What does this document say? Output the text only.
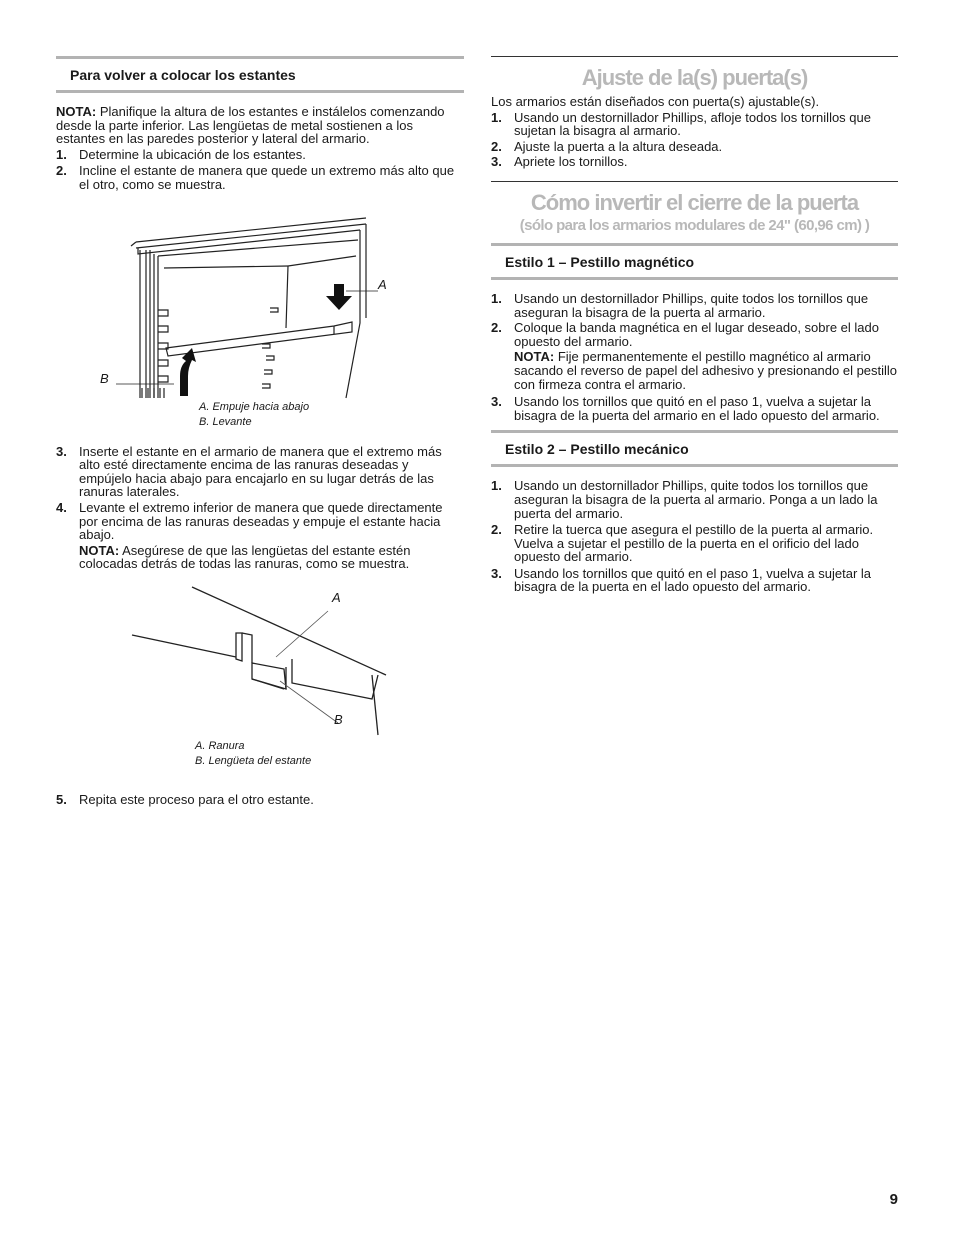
Para volver a colocar los estantes
NOTA: Planifique la altura de los estantes e instálelos comenzando desde la parte inferior. Las lengüetas de metal sostienen a los estantes en las paredes posterior y lateral del armario.
1. Determine la ubicación de los estantes.
2. Incline el estante de manera que quede un extremo más alto que el otro, como se muestra.
A
B
A. Empuje hacia abajo
B. Levante
3. Inserte el estante en el armario de manera que el extremo más alto esté directamente encima de las ranuras deseadas y empújelo hacia abajo para encajarlo en su lugar detrás de las ranuras laterales.
4. Levante el extremo inferior de manera que quede directamente por encima de las ranuras deseadas y empuje el estante hacia abajo.
NOTA: Asegúrese de que las lengüetas del estante estén colocadas detrás de todas las ranuras, como se muestra.
A
B
A. Ranura
B. Lengüeta del estante
5. Repita este proceso para el otro estante.
Ajuste de la(s) puerta(s)
Los armarios están diseñados con puerta(s) ajustable(s).
1. Usando un destornillador Phillips, afloje todos los tornillos que sujetan la bisagra al armario.
2. Ajuste la puerta a la altura deseada.
3. Apriete los tornillos.
Cómo invertir el cierre de la puerta
(sólo para los armarios modulares de 24" (60,96 cm) )
Estilo 1 – Pestillo magnético
1. Usando un destornillador Phillips, quite todos los tornillos que aseguran la bisagra de la puerta al armario.
2. Coloque la banda magnética en el lugar deseado, sobre el lado opuesto del armario.
NOTA: Fije permanentemente el pestillo magnético al armario sacando el reverso de papel del adhesivo y presionando el pestillo con firmeza contra el armario.
3. Usando los tornillos que quitó en el paso 1, vuelva a sujetar la bisagra de la puerta del armario en el lado opuesto del armario.
Estilo 2 – Pestillo mecánico
1. Usando un destornillador Phillips, quite todos los tornillos que aseguran la bisagra de la puerta al armario. Ponga a un lado la puerta del armario.
2. Retire la tuerca que asegura el pestillo de la puerta al armario. Vuelva a sujetar el pestillo de la puerta en el orificio del lado opuesto del armario.
3. Usando los tornillos que quitó en el paso 1, vuelva a sujetar la bisagra de la puerta en el lado opuesto del armario.
9
